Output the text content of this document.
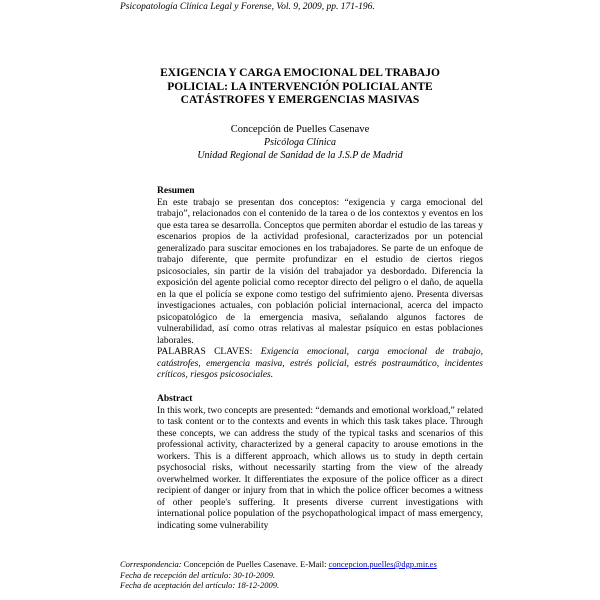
Psicopatología Clínica Legal y Forense, Vol. 9, 2009, pp. 171-196.
EXIGENCIA Y CARGA EMOCIONAL DEL TRABAJO
POLICIAL: LA INTERVENCIÓN POLICIAL ANTE
CATÁSTROFES Y EMERGENCIAS MASIVAS
Concepción de Puelles Casenave
Psicóloga Clínica
Unidad Regional de Sanidad de la J.S.P de Madrid
Resumen

En este trabajo se presentan dos conceptos: “exigencia y carga emocional del trabajo”, relacionados con el contenido de la tarea o de los contextos y eventos en los que esta tarea se desarrolla. Conceptos que permiten abordar el estudio de las tareas y escenarios propios de la actividad profesional, caracterizados por un potencial generalizado para suscitar emociones en los trabajadores. Se parte de un enfoque de trabajo diferente, que permite profundizar en el estudio de ciertos riegos psicosociales, sin partir de la visión del trabajador ya desbordado. Diferencia la exposición del agente policial como receptor directo del peligro o el daño, de aquella en la que el policía se expone como testigo del sufrimiento ajeno. Presenta diversas investigaciones actuales, con población policial internacional, acerca del impacto psicopatológico de la emergencia masiva, señalando algunos factores de vulnerabilidad, así como otras relativas al malestar psíquico en estas poblaciones laborales.

PALABRAS CLAVES: Exigencia emocional, carga emocional de trabajo, catástrofes, emergencia masiva, estrés policial, estrés postraumático, incidentes críticos, riesgos psicosociales.

Abstract

In this work, two concepts are presented: “demands and emotional workload,” related to task content or to the contexts and events in which this task takes place. Through these concepts, we can address the study of the typical tasks and scenarios of this professional activity, characterized by a general capacity to arouse emotions in the workers. This is a different approach, which allows us to study in depth certain psychosocial risks, without necessarily starting from the view of the already overwhelmed worker. It differentiates the exposure of the police officer as a direct recipient of danger or injury from that in which the police officer becomes a witness of other people's suffering. It presents diverse current investigations with international police population of the psychopathological impact of mass emergency, indicating some vulnerability

Correspondencia: Concepción de Puelles Casenave. E-Mail: concepcion.puelles@dgp.mir.es
Fecha de recepción del artículo: 30-10-2009.
Fecha de aceptación del artículo: 18-12-2009.
